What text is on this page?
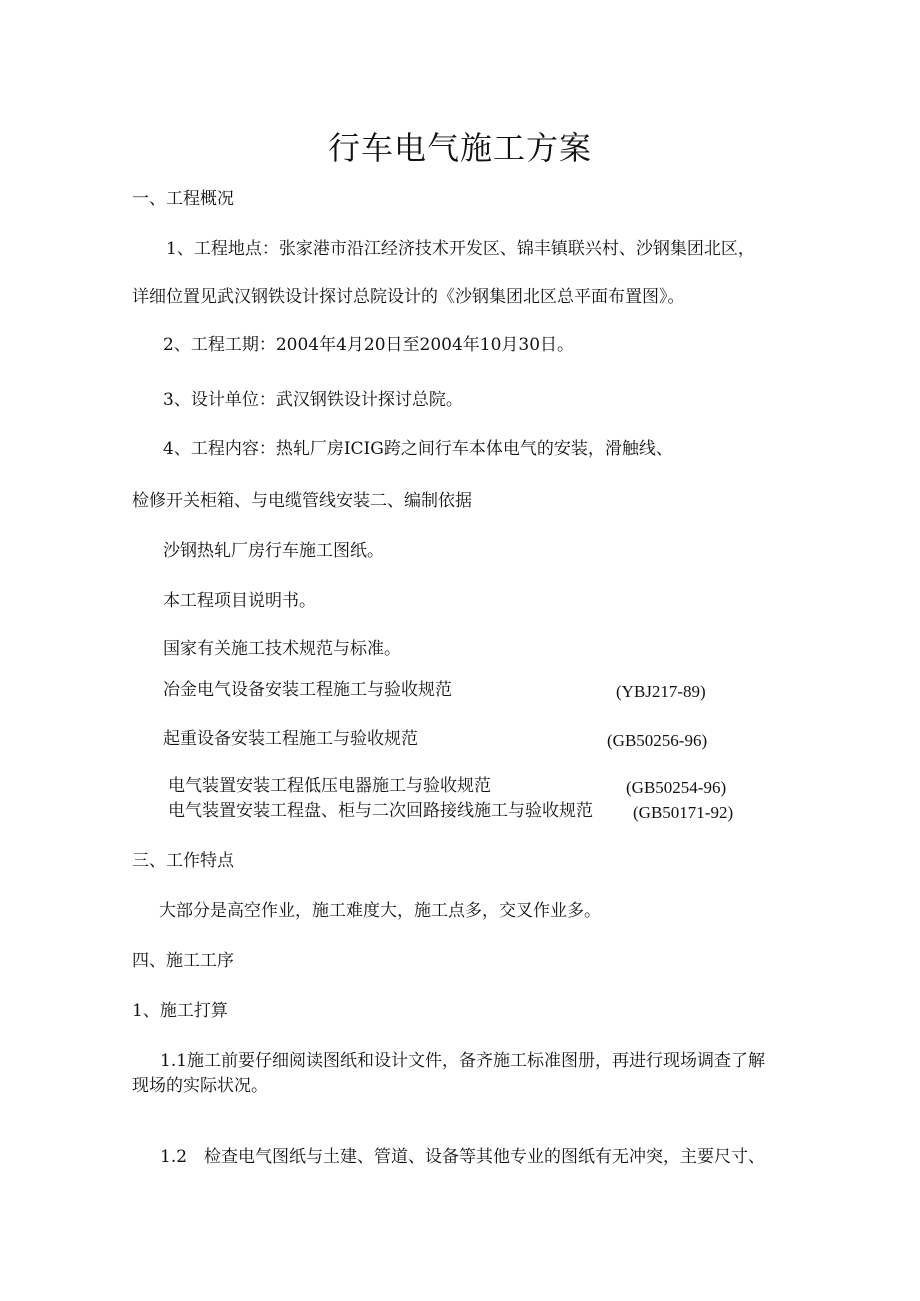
行车电气施工方案
一、工程概况
1、工程地点：张家港市沿江经济技术开发区、锦丰镇联兴村、沙钢集团北区，
详细位置见武汉钢铁设计探讨总院设计的《沙钢集团北区总平面布置图》。
2、工程工期：2004年4月20日至2004年10月30日。
3、设计单位：武汉钢铁设计探讨总院。
4、工程内容：热轧厂房ICIG跨之间行车本体电气的安装，滑触线、
检修开关柜箱、与电缆管线安装二、编制依据
沙钢热轧厂房行车施工图纸。
本工程项目说明书。
国家有关施工技术规范与标准。
冶金电气设备安装工程施工与验收规范	(YBJ217-89)
起重设备安装工程施工与验收规范	(GB50256-96)
电气装置安装工程低压电器施工与验收规范	(GB50254-96)
电气装置安装工程盘、柜与二次回路接线施工与验收规范 (GB50171-92)
三、工作特点
大部分是高空作业，施工难度大，施工点多，交叉作业多。
四、施工工序
1、施工打算
1.1施工前要仔细阅读图纸和设计文件，备齐施工标准图册，再进行现场调查了解
现场的实际状况。
1.2　检查电气图纸与土建、管道、设备等其他专业的图纸有无冲突，主要尺寸、
